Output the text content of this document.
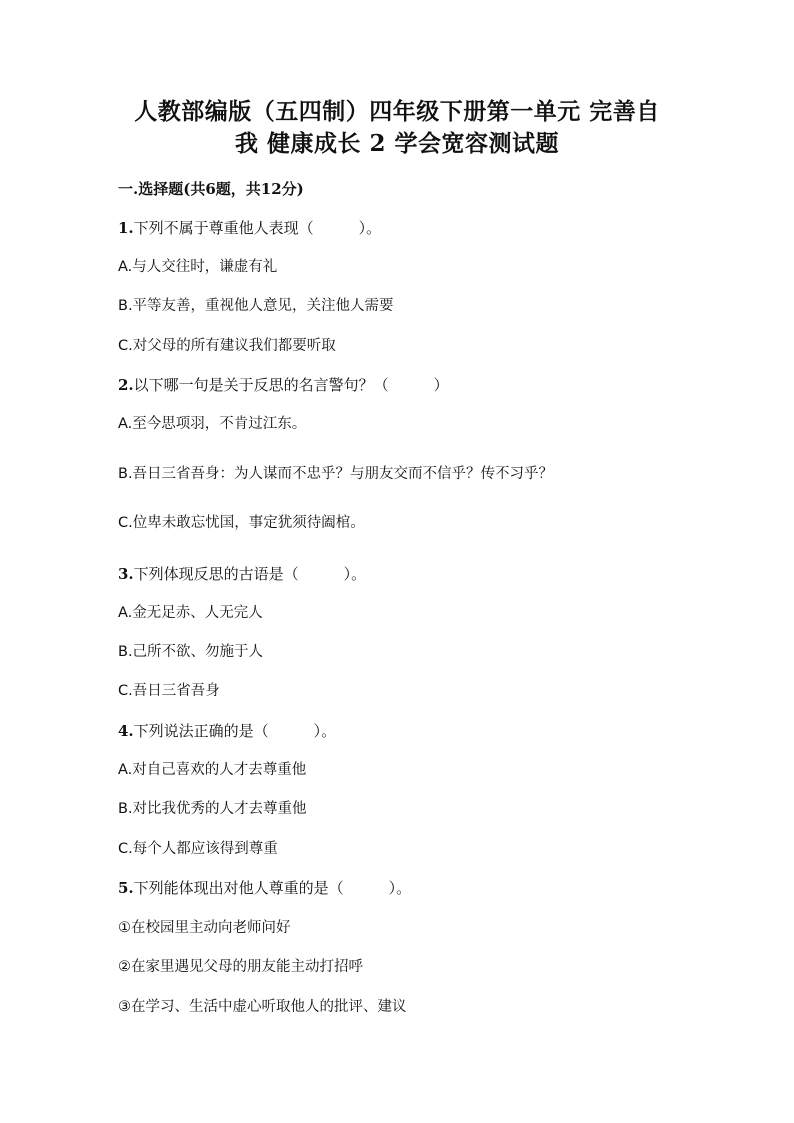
人教部编版（五四制）四年级下册第一单元 完善自
我 健康成长 2 学会宽容测试题
一.选择题(共6题，共12分)
1.下列不属于尊重他人表现（　　　）。
A.与人交往时，谦虚有礼
B.平等友善，重视他人意见，关注他人需要
C.对父母的所有建议我们都要听取
2.以下哪一句是关于反思的名言警句？（　　　）
A.至今思项羽，不肯过江东。
B.吾日三省吾身：为人谋而不忠乎？与朋友交而不信乎？传不习乎？
C.位卑未敢忘忧国，事定犹须待阖棺。
3.下列体现反思的古语是（　　　）。
A.金无足赤、人无完人
B.己所不欲、勿施于人
C.吾日三省吾身
4.下列说法正确的是（　　　）。
A.对自己喜欢的人才去尊重他
B.对比我优秀的人才去尊重他
C.每个人都应该得到尊重
5.下列能体现出对他人尊重的是（　　　）。
①在校园里主动向老师问好
②在家里遇见父母的朋友能主动打招呼
③在学习、生活中虚心听取他人的批评、建议
